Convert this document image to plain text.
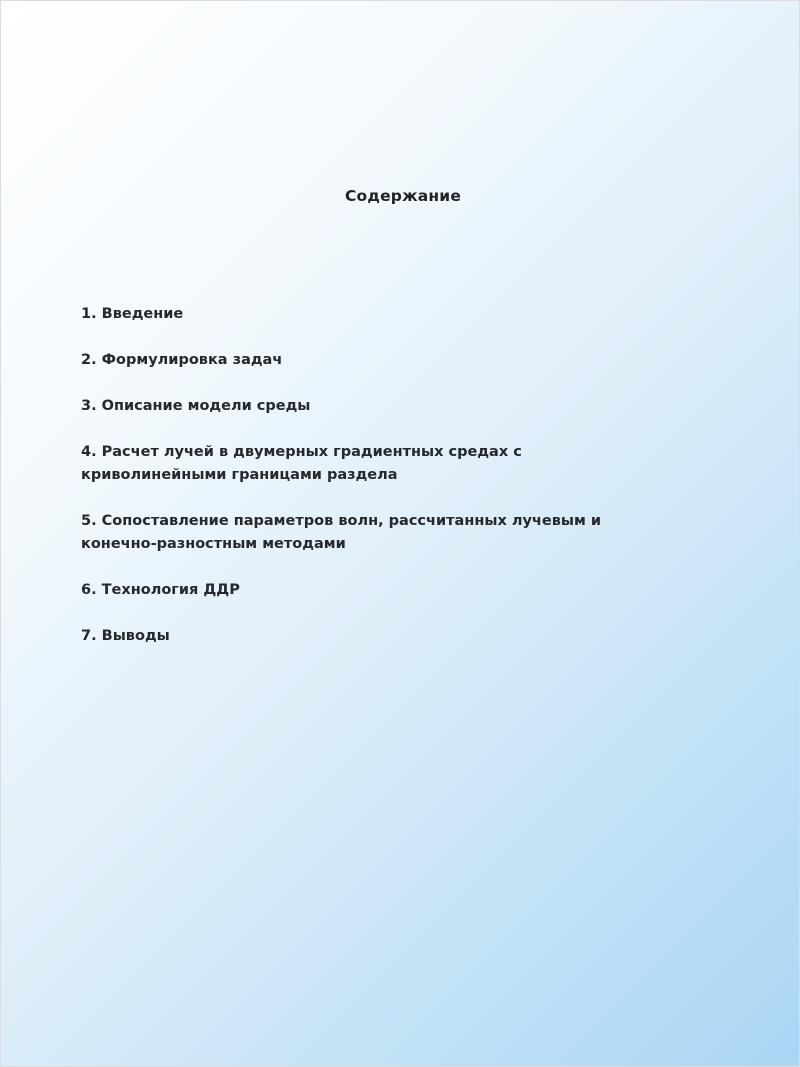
Содержание
1. Введение
2. Формулировка задач
3. Описание модели среды
4. Расчет лучей в двумерных градиентных средах с
криволинейными границами раздела
5. Сопоставление параметров волн, рассчитанных лучевым и
конечно-разностным методами
6. Технология ДДР
7. Выводы
